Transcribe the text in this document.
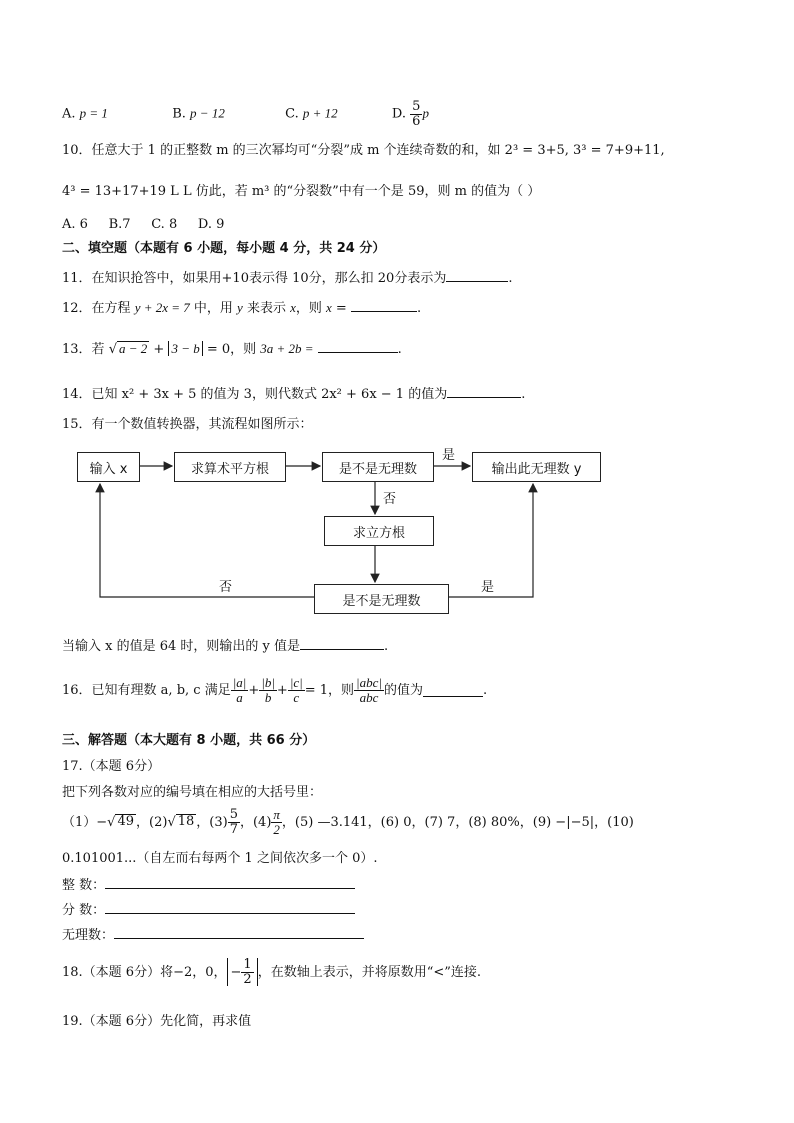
A. p = 1	B. p − 12	C. p + 12	D. $\frac{5}{6}$ p
10．任意大于 1 的正整数 m 的三次幂均可“分裂”成 m 个连续奇数的和，如 2³ = 3+5, 3³ = 7+9+11,
4³ = 13+17+19 L L 仿此，若 m³ 的“分裂数”中有一个是 59，则 m 的值为（ ）
A. 6     B.7     C. 8     D. 9
二、填空题（本题有 6 小题，每小题 4 分，共 24 分）
11．在知识抢答中，如果用+10表示得 10分，那么扣 20分表示为	.
12．在方程 y + 2x = 7 中，用 y 来表示 x，则 x =	.
13．若 √ a − 2 + 3 − b = 0，则 3a + 2b =	.
14．已知 x² + 3x + 5 的值为 3，则代数式 2x² + 6x − 1 的值为	.
15．有一个数值转换器，其流程如图所示：
输入 x	求算术平方根	是不是无理数	输出此无理数 y
求立方根
是不是无理数
是
否
否	是
当输入 x 的值是 64 时，则输出的 y 值是	.
16．已知有理数 a, b, c 满足 $\frac{|a|}{a} + \frac{|b|}{b} + \frac{|c|}{c} = 1$，则 $\frac{\text{|abc|}}{\text{abc}}$ 的值为	.
三、解答题（本大题有 8 小题，共 66 分）
17.（本题 6分）
把下列各数对应的编号填在相应的大括号里：
（1）− √ 49 ，(2) √ 18 ，$(3) \frac{5}{7}$ ，$(4) \frac{\pi}{2}$ ，(5) —3.141，(6) 0，(7) 7，(8) 80%，(9) −|−5|，(10)
0.101001...（自左而右每两个 1 之间依次多一个 0）.
整 数：
分 数：
无理数：
18.（本题 6分）将−2，0， − $\frac{1}{2}$ ，在数轴上表示，并将原数用“<”连接.
19.（本题 6分）先化简，再求值
